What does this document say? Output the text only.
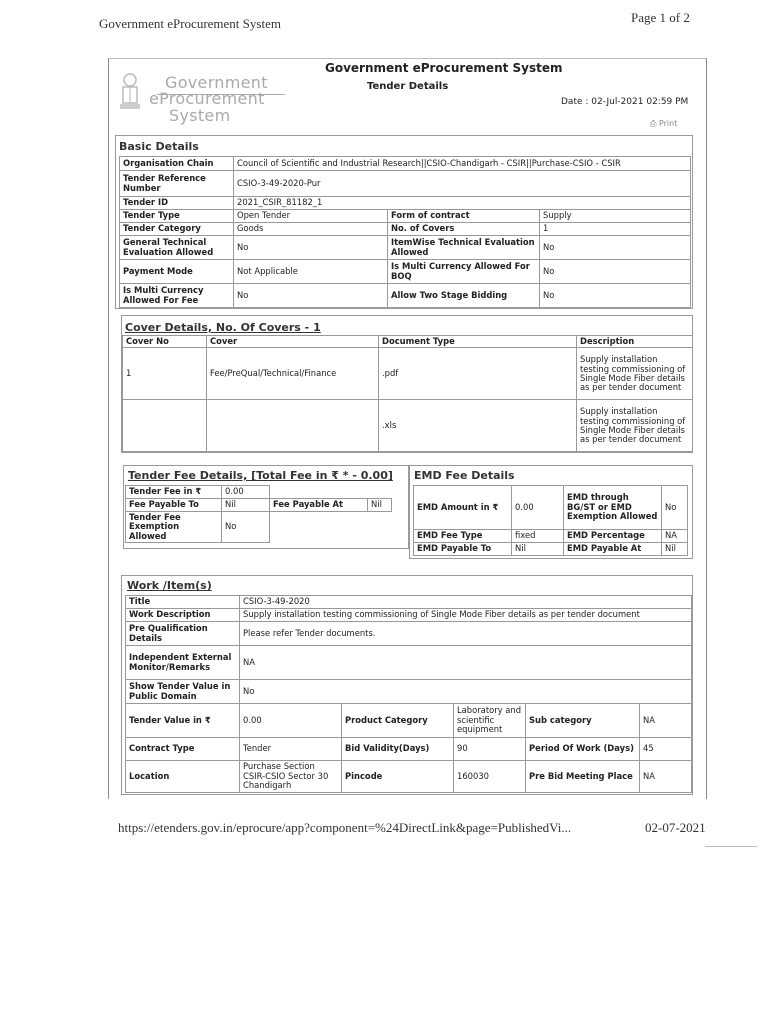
Government eProcurement System	Page 1 of 2
Government
eProcurement
System
Government eProcurement System
Tender Details
Date : 02-Jul-2021 02:59 PM
⎙ Print
Basic Details
Organisation Chain	Council of Scientific and Industrial Research||CSIO-Chandigarh - CSIR||Purchase-CSIO - CSIR		
Tender Reference Number	CSIO-3-49-2020-Pur		
Tender ID	2021_CSIR_81182_1		
Tender Type	Open Tender	Form of contract	Supply
Tender Category	Goods	No. of Covers	1
General Technical Evaluation Allowed	No	ItemWise Technical Evaluation Allowed	No
Payment Mode	Not Applicable	Is Multi Currency Allowed For BOQ	No
Is Multi Currency Allowed For Fee	No	Allow Two Stage Bidding	No
Cover Details, No. Of Covers - 1
Cover No	Cover	Document Type	Description
1	Fee/PreQual/Technical/Finance	.pdf	Supply installation testing commissioning of Single Mode Fiber details as per tender document
		.xls	Supply installation testing commissioning of Single Mode Fiber details as per tender document
Tender Fee Details, [Total Fee in ₹ * - 0.00]
Tender Fee in ₹	0.00		
Fee Payable To	Nil	Fee Payable At	Nil
Tender Fee Exemption Allowed	No		
EMD Fee Details
EMD Amount in ₹	0.00	EMD through BG/ST or EMD Exemption Allowed	No
EMD Fee Type	fixed	EMD Percentage	NA
EMD Payable To	Nil	EMD Payable At	Nil
Work /Item(s)
Title	CSIO-3-49-2020				
Work Description	Supply installation testing commissioning of Single Mode Fiber details as per tender document				
Pre Qualification Details	Please refer Tender documents.				
Independent External Monitor/Remarks	NA				
Show Tender Value in Public Domain	No				
Tender Value in ₹	0.00	Product Category	Laboratory and scientific equipment	Sub category	NA
Contract Type	Tender	Bid Validity(Days)	90	Period Of Work (Days)	45
Location	Purchase Section CSIR-CSIO Sector 30 Chandigarh	Pincode	160030	Pre Bid Meeting Place	NA
https://etenders.gov.in/eprocure/app?component=%24DirectLink&page=PublishedVi...	02-07-2021
